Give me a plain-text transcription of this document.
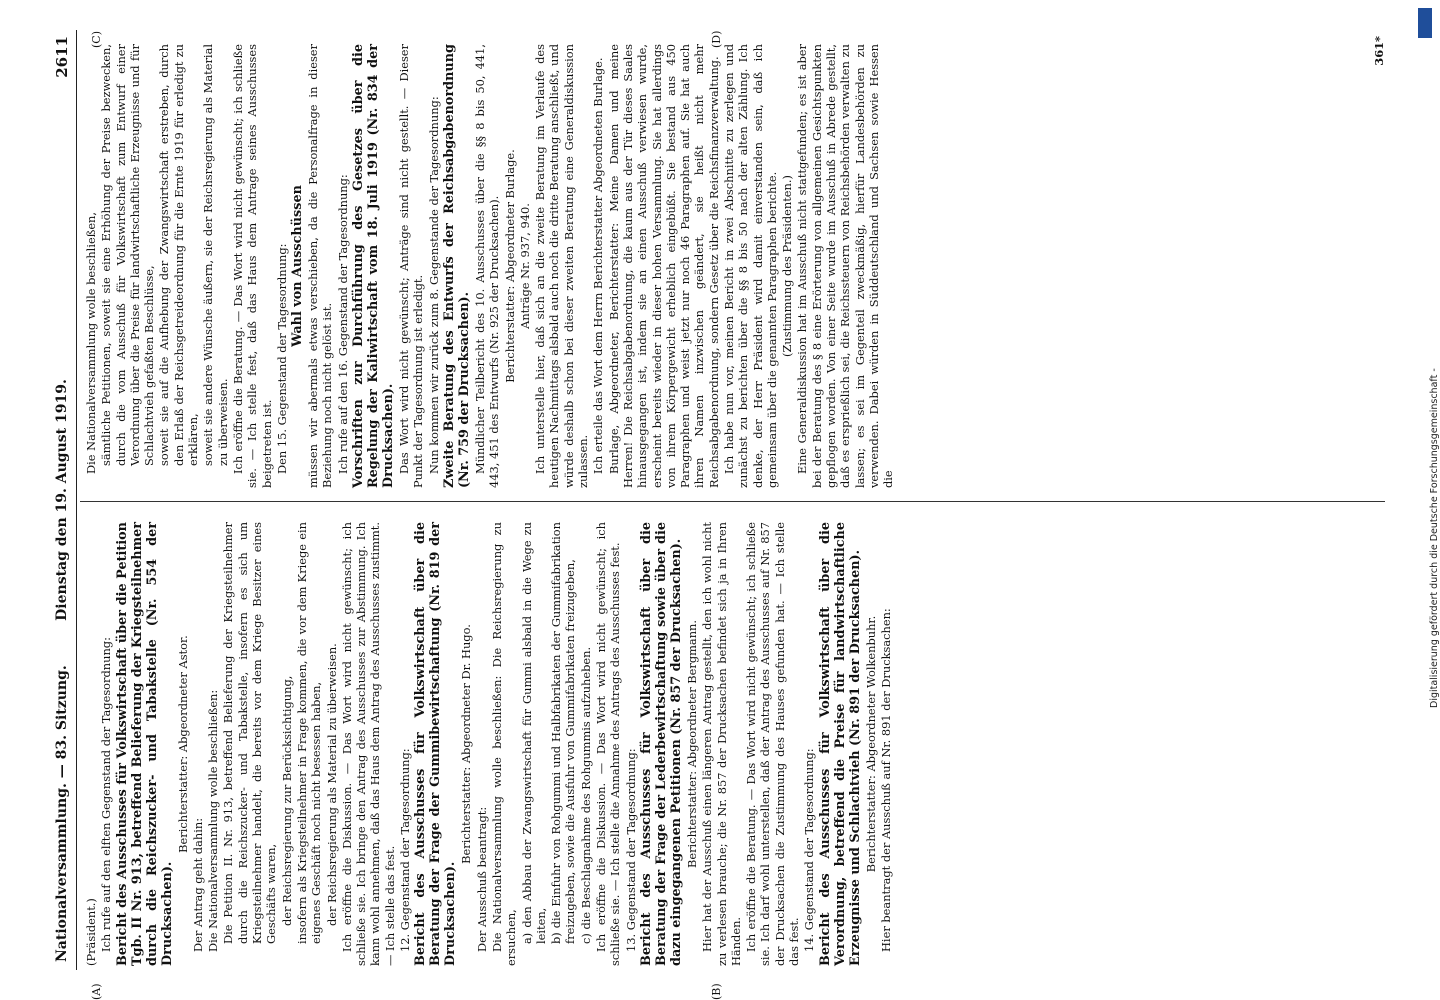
Nationalversammlung. — 83. Sitzung.
Dienstag den 19. August 1919.
2611
(A)	(B)
(C)	(D)

(Präsident.) Ich rufe auf den elften Gegenstand der Tagesordnung: Bericht des Ausschusses für Volkswirtschaft über die Petition Tgb. II Nr. 913, betreffend Belieferung der Kriegsteilnehmer durch die Reichszucker- und Tabakstelle (Nr. 554 der Drucksachen).

Berichterstatter: Abgeordneter Astor.

Der Antrag geht dahin: Die Nationalversammlung wolle beschließen: Die Petition II. Nr. 913, betreffend Belieferung der Kriegsteilnehmer durch die Reichszucker- und Tabakstelle, insofern es sich um Kriegsteilnehmer handelt, die bereits vor dem Kriege Besitzer eines Geschäfts waren, der Reichsregierung zur Berücksichtigung, insofern als Kriegsteilnehmer in Frage kommen, die vor dem Kriege ein eigenes Geschäft noch nicht besessen haben, der Reichsregierung als Material zu überweisen. Ich eröffne die Diskussion. — Das Wort wird nicht gewünscht; ich schließe sie. Ich bringe den Antrag des Ausschusses zur Abstimmung. Ich kann wohl annehmen, daß das Haus dem Antrag des Ausschusses zustimmt. — Ich stelle das fest. 12. Gegenstand der Tagesordnung: Bericht des Ausschusses für Volkswirtschaft über die Beratung der Frage der Gummibewirtschaftung (Nr. 819 der Drucksachen).

Berichterstatter: Abgeordneter Dr. Hugo.

Der Ausschuß beantragt: Die Nationalversammlung wolle beschließen: Die Reichsregierung zu ersuchen, a) den Abbau der Zwangswirtschaft für Gummi alsbald in die Wege zu leiten, b) die Einfuhr von Rohgummi und Halbfabrikaten der Gummifabrikation freizugeben, sowie die Ausfuhr von Gummifabrikaten freizugeben, c) die Beschlagnahme des Rohgummis aufzuheben. Ich eröffne die Diskussion. — Das Wort wird nicht gewünscht; ich schließe sie. — Ich stelle die Annahme des Antrags des Ausschusses fest. 13. Gegenstand der Tagesordnung: Bericht des Ausschusses für Volkswirtschaft über die Beratung der Frage der Lederbewirtschaftung sowie über die dazu eingegangenen Petitionen (Nr. 857 der Drucksachen). Berichterstatter: Abgeordneter Bergmann. Hier hat der Ausschuß einen längeren Antrag gestellt, den ich wohl nicht zu verlesen brauche; die Nr. 857 der Drucksachen befindet sich ja in Ihren Händen. Ich eröffne die Beratung. — Das Wort wird nicht gewünscht; ich schließe sie. Ich darf wohl unterstellen, daß der Antrag des Ausschusses auf Nr. 857 der Drucksachen die Zustimmung des Hauses gefunden hat. — Ich stelle das fest. 14. Gegenstand der Tagesordnung: Bericht des Ausschusses für Volkswirtschaft über die Verordnung, betreffend die Preise für landwirtschaftliche Erzeugnisse und Schlachtvieh (Nr. 891 der Drucksachen). Berichterstatter: Abgeordneter Wolkenbuhr. Hier beantragt der Ausschuß auf Nr. 891 der Drucksachen:

Die Nationalversammlung wolle beschließen, sämtliche Petitionen, soweit sie eine Erhöhung der Preise bezwecken, durch die vom Ausschuß für Volkswirtschaft zum Entwurf einer Verordnung über die Preise für landwirtschaftliche Erzeugnisse und für Schlachtvieh gefaßten Beschlüsse, soweit sie auf die Aufhebung der Zwangswirtschaft erstreben, durch den Erlaß der Reichsgetreideordnung für die Ernte 1919 für erledigt zu erklären, soweit sie andere Wünsche äußern, sie der Reichsregierung als Material zu überweisen. Ich eröffne die Beratung. — Das Wort wird nicht gewünscht; ich schließe sie. — Ich stelle fest, daß das Haus dem Antrage seines Ausschusses beigetreten ist. Den 15. Gegenstand der Tagesordnung: Wahl von Ausschüssen müssen wir abermals etwas verschieben, da die Personalfrage in dieser Beziehung noch nicht gelöst ist. Ich rufe auf den 16. Gegenstand der Tagesordnung: Vorschriften zur Durchführung des Gesetzes über die Regelung der Kaliwirtschaft vom 18. Juli 1919 (Nr. 834 der Drucksachen). Das Wort wird nicht gewünscht; Anträge sind nicht gestellt. — Dieser Punkt der Tagesordnung ist erledigt. Nun kommen wir zurück zum 8. Gegenstande der Tagesordnung: Zweite Beratung des Entwurfs der Reichsabgabenordnung (Nr. 759 der Drucksachen). Mündlicher Teilbericht des 10. Ausschusses über die §§ 8 bis 50, 441, 443, 451 des Entwurfs (Nr. 925 der Drucksachen). Berichterstatter: Abgeordneter Burlage. Anträge Nr. 937, 940. Ich unterstelle hier, daß sich an die zweite Beratung im Verlaufe des heutigen Nachmittags alsbald auch noch die dritte Beratung anschließt, und würde deshalb schon bei dieser zweiten Beratung eine Generaldiskussion zulassen. Ich erteile das Wort dem Herrn Berichterstatter Abgeordneten Burlage. Burlage, Abgeordneter, Berichterstatter: Meine Damen und meine Herren! Die Reichsabgabenordnung, die kaum aus der Tür dieses Saales hinausgegangen ist, indem sie an einen Ausschuß verwiesen wurde, erscheint bereits wieder in dieser hohen Versammlung. Sie hat allerdings von ihrem Körpergewicht erheblich eingebüßt. Sie bestand aus 450 Paragraphen und weist jetzt nur noch 46 Paragraphen auf. Sie hat auch ihren Namen inzwischen geändert, sie heißt nicht mehr Reichsabgabenordnung, sondern Gesetz über die Reichsfinanzverwaltung. Ich habe nun vor, meinen Bericht in zwei Abschnitte zu zerlegen und zunächst zu berichten über die §§ 8 bis 50 nach der alten Zählung. Ich denke, der Herr Präsident wird damit einverstanden sein, daß ich gemeinsam über die genannten Paragraphen berichte. (Zustimmung des Präsidenten.) Eine Generaldiskussion hat im Ausschuß nicht stattgefunden; es ist aber bei der Beratung des § 8 eine Erörterung von allgemeinen Gesichtspunkten gepflogen worden. Von einer Seite wurde im Ausschuß in Abrede gestellt, daß es ersprießlich sei, die Reichssteuern von Reichsbehörden verwalten zu lassen; es sei im Gegenteil zweckmäßig, hierfür Landesbehörden zu verwenden. Dabei würden in Süddeutschland und Sachsen sowie Hessen die

361*
Digitalisierung gefördert durch die Deutsche Forschungsgemeinschaft -
DFG
